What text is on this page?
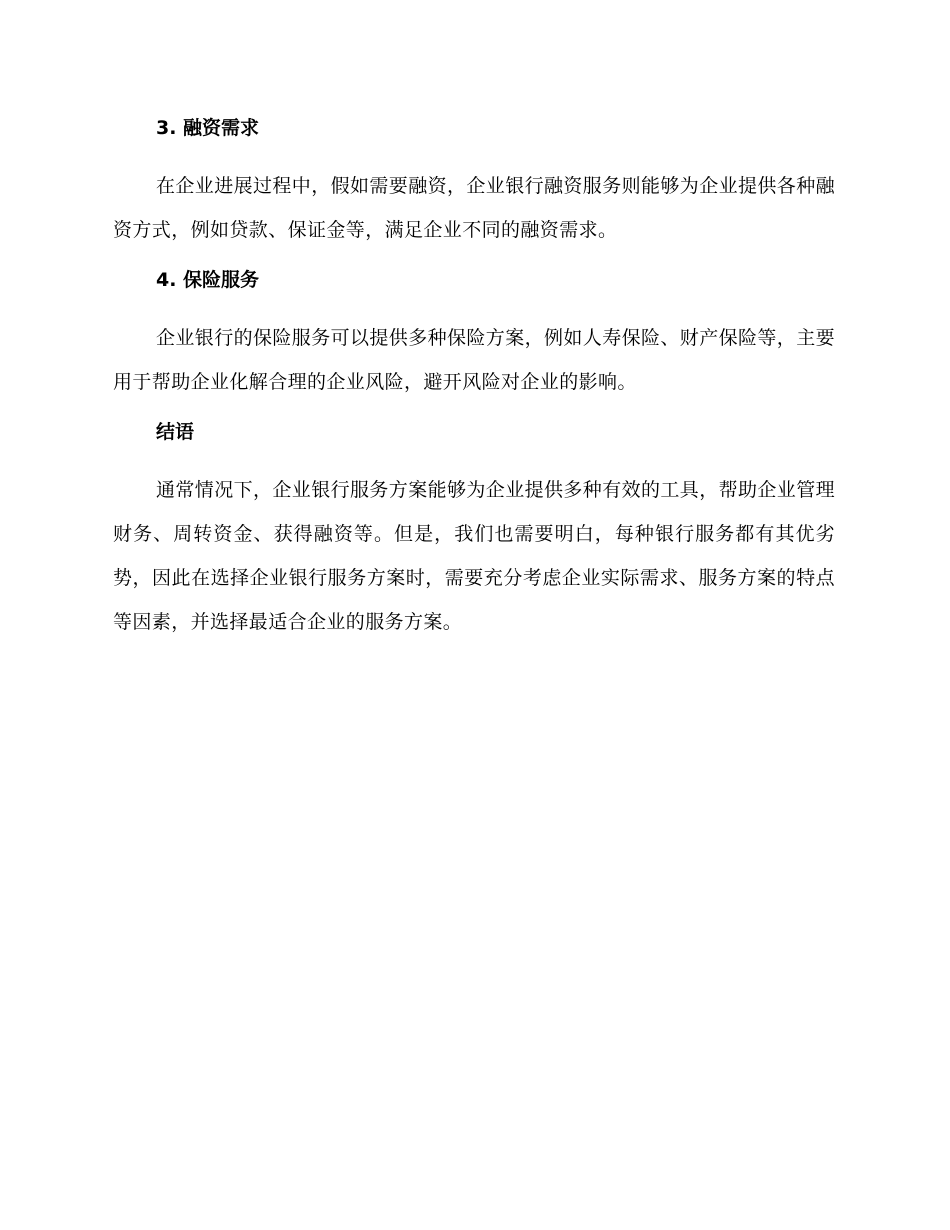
3. 融资需求

在企业进展过程中，假如需要融资，企业银行融资服务则能够为企业提供各种融资方式，例如贷款、保证金等，满足企业不同的融资需求。

4. 保险服务

企业银行的保险服务可以提供多种保险方案，例如人寿保险、财产保险等，主要用于帮助企业化解合理的企业风险，避开风险对企业的影响。

结语

通常情况下，企业银行服务方案能够为企业提供多种有效的工具，帮助企业管理财务、周转资金、获得融资等。但是，我们也需要明白，每种银行服务都有其优劣势，因此在选择企业银行服务方案时，需要充分考虑企业实际需求、服务方案的特点等因素，并选择最适合企业的服务方案。
